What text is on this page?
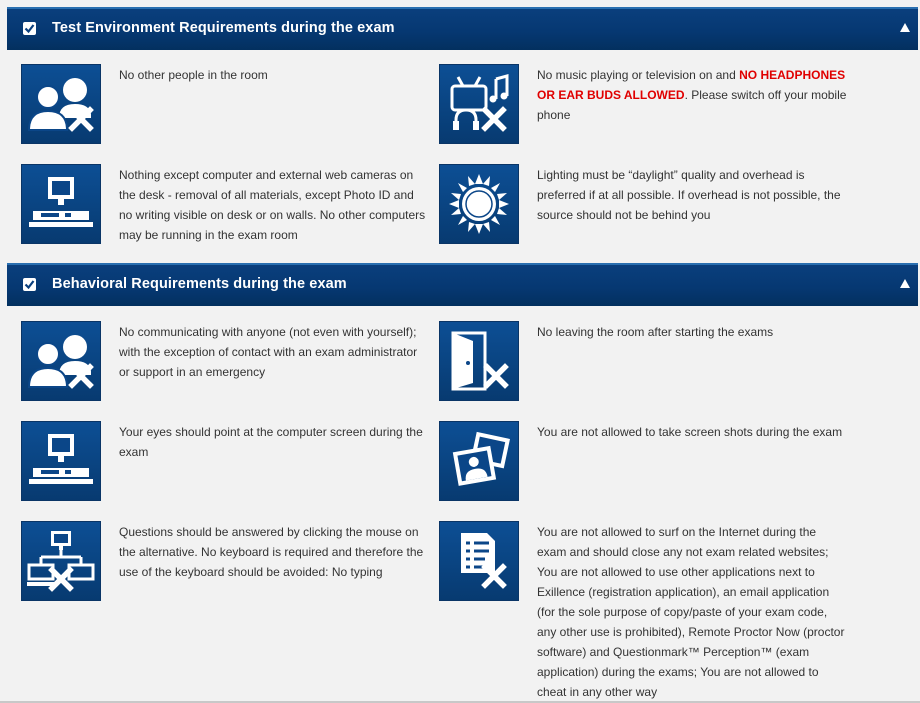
Test Environment Requirements during the exam
No other people in the room	No music playing or television on and NO HEADPHONES OR EAR BUDS ALLOWED. Please switch off your mobile phone
Nothing except computer and external web cameras on the desk - removal of all materials, except Photo ID and no writing visible on desk or on walls. No other computers may be running in the exam room
Lighting must be “daylight” quality and overhead is preferred if at all possible. If overhead is not possible, the source should not be behind you
Behavioral Requirements during the exam
No communicating with anyone (not even with yourself); with the exception of contact with an exam administrator or support in an emergency
No leaving the room after starting the exams
Your eyes should point at the computer screen during the exam
You are not allowed to take screen shots during the exam
Questions should be answered by clicking the mouse on the alternative. No keyboard is required and therefore the use of the keyboard should be avoided: No typing
You are not allowed to surf on the Internet during the exam and should close any not exam related websites; You are not allowed to use other applications next to Exillence (registration application), an email application (for the sole purpose of copy/paste of your exam code, any other use is prohibited), Remote Proctor Now (proctor software) and Questionmark™ Perception™ (exam application) during the exams; You are not allowed to cheat in any other way
